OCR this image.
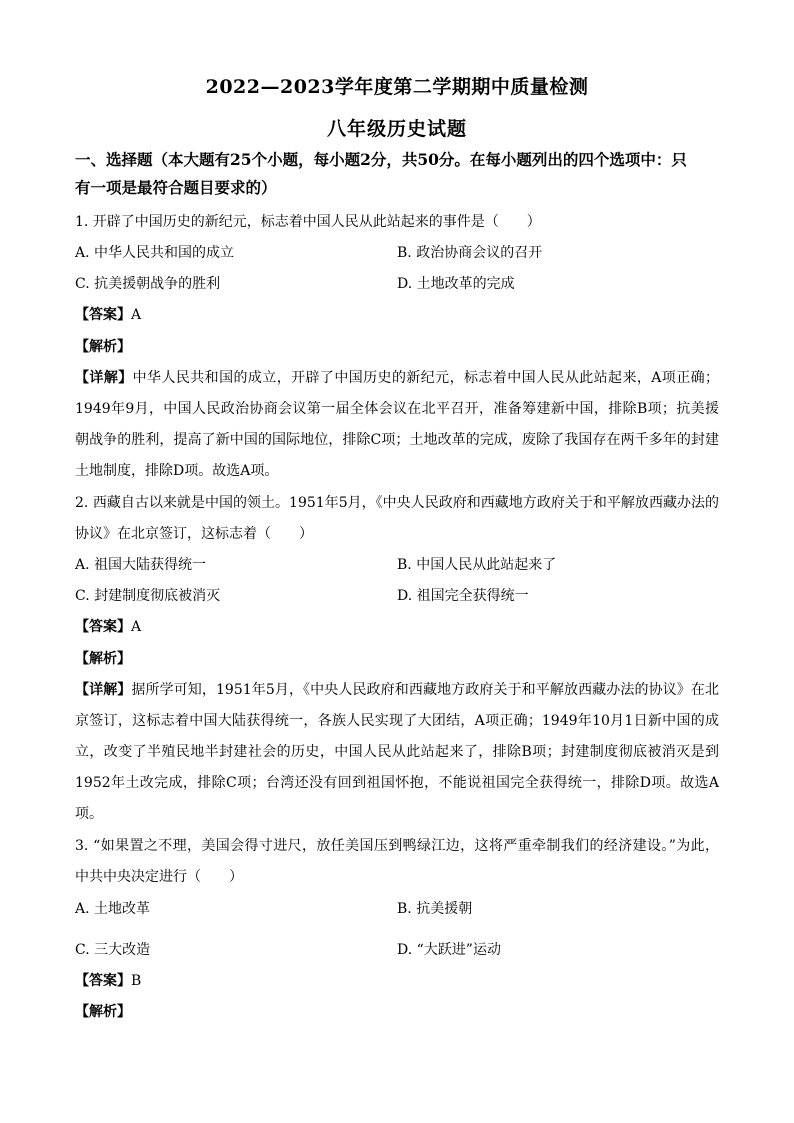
2022—2023学年度第二学期期中质量检测
八年级历史试题
一、选择题（本大题有25个小题，每小题2分，共50分。在每小题列出的四个选项中：只
有一项是最符合题目要求的）
1. 开辟了中国历史的新纪元，标志着中国人民从此站起来的事件是（　　）
A. 中华人民共和国的成立	B. 政治协商会议的召开
C. 抗美援朝战争的胜利	D. 土地改革的完成
【答案】A
【解析】
【详解】中华人民共和国的成立，开辟了中国历史的新纪元，标志着中国人民从此站起来，A项正确；
1949年9月，中国人民政治协商会议第一届全体会议在北平召开，准备筹建新中国，排除B项；抗美援
朝战争的胜利，提高了新中国的国际地位，排除C项；土地改革的完成，废除了我国存在两千多年的封建
土地制度，排除D项。故选A项。
2. 西藏自古以来就是中国的领土。1951年5月，《中央人民政府和西藏地方政府关于和平解放西藏办法的
协议》在北京签订，这标志着（　　）
A. 祖国大陆获得统一	B. 中国人民从此站起来了
C. 封建制度彻底被消灭	D. 祖国完全获得统一
【答案】A
【解析】
【详解】据所学可知，1951年5月，《中央人民政府和西藏地方政府关于和平解放西藏办法的协议》在北
京签订，这标志着中国大陆获得统一，各族人民实现了大团结，A项正确；1949年10月1日新中国的成
立，改变了半殖民地半封建社会的历史，中国人民从此站起来了，排除B项；封建制度彻底被消灭是到
1952年土改完成，排除C项；台湾还没有回到祖国怀抱，不能说祖国完全获得统一，排除D项。故选A
项。
3. “如果置之不理，美国会得寸进尺，放任美国压到鸭绿江边，这将严重牵制我们的经济建设。”为此，
中共中央决定进行（　　）
A. 土地改革	B. 抗美援朝
C. 三大改造	D. “大跃进”运动
【答案】B
【解析】
